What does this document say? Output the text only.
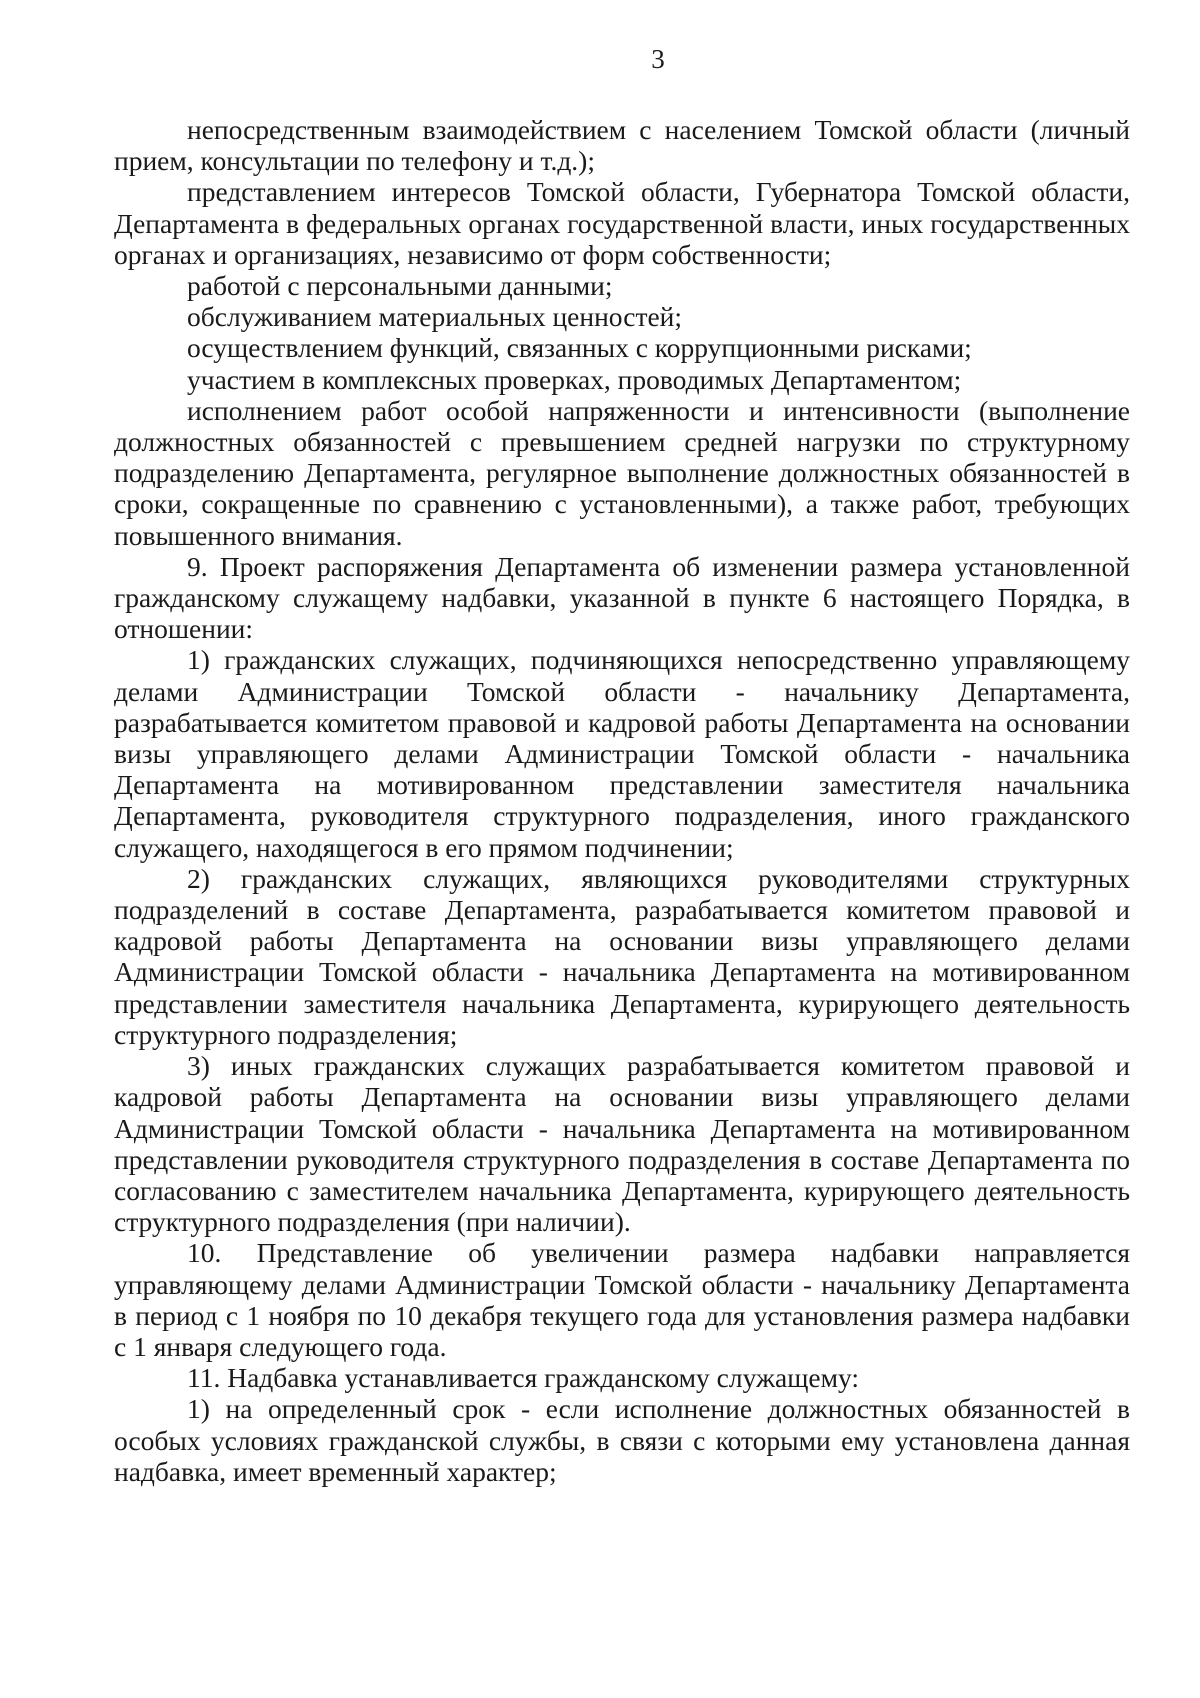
3

непосредственным взаимодействием с населением Томской области (личный прием, консультации по телефону и т.д.);

представлением интересов Томской области, Губернатора Томской области, Департамента в федеральных органах государственной власти, иных государственных органах и организациях, независимо от форм собственности;

работой с персональными данными;

обслуживанием материальных ценностей;

осуществлением функций, связанных с коррупционными рисками;

участием в комплексных проверках, проводимых Департаментом;

исполнением работ особой напряженности и интенсивности (выполнение должностных обязанностей с превышением средней нагрузки по структурному подразделению Департамента, регулярное выполнение должностных обязанностей в сроки, сокращенные по сравнению с установленными), а также работ, требующих повышенного внимания.

9. Проект распоряжения Департамента об изменении размера установленной гражданскому служащему надбавки, указанной в пункте 6 настоящего Порядка, в отношении:

1) гражданских служащих, подчиняющихся непосредственно управляющему делами Администрации Томской области - начальнику Департамента, разрабатывается комитетом правовой и кадровой работы Департамента на основании визы управляющего делами Администрации Томской области - начальника Департамента на мотивированном представлении заместителя начальника Департамента, руководителя структурного подразделения, иного гражданского служащего, находящегося в его прямом подчинении;

2) гражданских служащих, являющихся руководителями структурных подразделений в составе Департамента, разрабатывается комитетом правовой и кадровой работы Департамента на основании визы управляющего делами Администрации Томской области - начальника Департамента на мотивированном представлении заместителя начальника Департамента, курирующего деятельность структурного подразделения;

3) иных гражданских служащих разрабатывается комитетом правовой и кадровой работы Департамента на основании визы управляющего делами Администрации Томской области - начальника Департамента на мотивированном представлении руководителя структурного подразделения в составе Департамента по согласованию с заместителем начальника Департамента, курирующего деятельность структурного подразделения (при наличии).

10. Представление об увеличении размера надбавки направляется управляющему делами Администрации Томской области - начальнику Департамента в период с 1 ноября по 10 декабря текущего года для установления размера надбавки с 1 января следующего года.

11. Надбавка устанавливается гражданскому служащему:

1) на определенный срок - если исполнение должностных обязанностей в особых условиях гражданской службы, в связи с которыми ему установлена данная надбавка, имеет временный характер;
